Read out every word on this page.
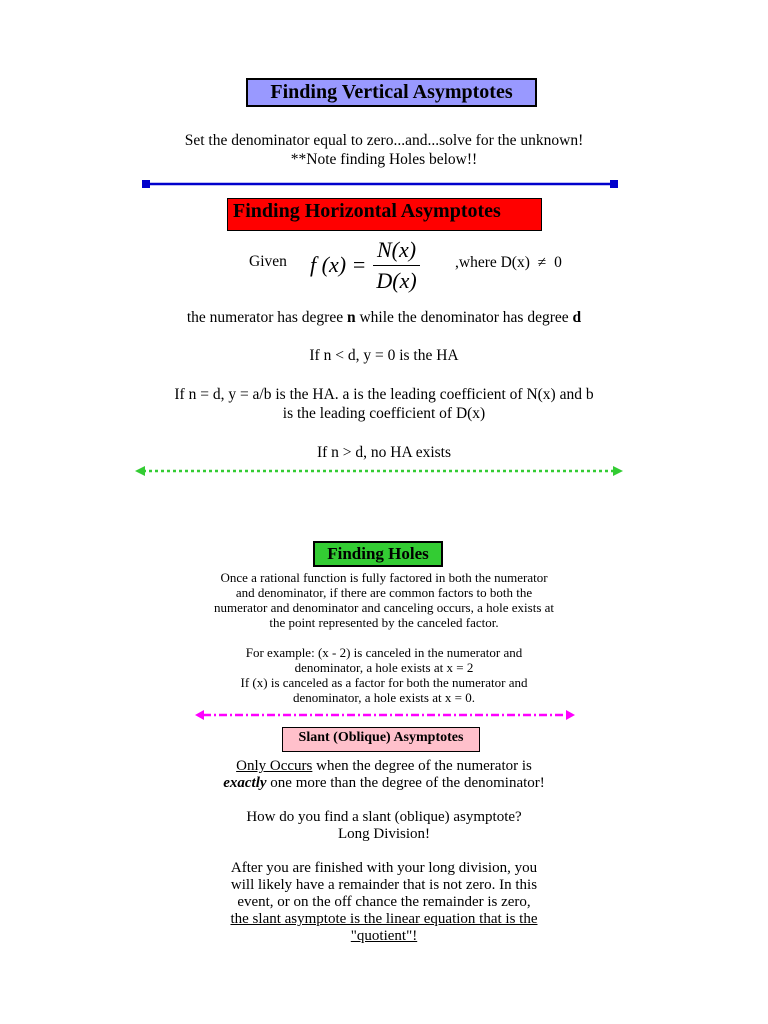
Finding Vertical Asymptotes
Set the denominator equal to zero...and...solve for the unknown!
**Note finding Holes below!!
Finding Horizontal Asymptotes
Given f $(x) = \frac{N(x)}{D(x)}$ ,where D(x) ≠ 0
the numerator has degree n while the denominator has degree d
If n < d, y = 0 is the HA
If n = d, y = a/b is the HA. a is the leading coefficient of N(x) and b
is the leading coefficient of D(x)
If n > d, no HA exists
Finding Holes
Once a rational function is fully factored in both the numerator
and denominator, if there are common factors to both the
numerator and denominator and canceling occurs, a hole exists at
the point represented by the canceled factor.
For example: (x - 2) is canceled in the numerator and
denominator, a hole exists at x = 2
If (x) is canceled as a factor for both the numerator and
denominator, a hole exists at x = 0.
Slant (Oblique) Asymptotes
Only Occurs when the degree of the numerator is
exactly one more than the degree of the denominator!
How do you find a slant (oblique) asymptote?
Long Division!
After you are finished with your long division, you
will likely have a remainder that is not zero. In this
event, or on the off chance the remainder is zero,
the slant asymptote is the linear equation that is the
"quotient"!
